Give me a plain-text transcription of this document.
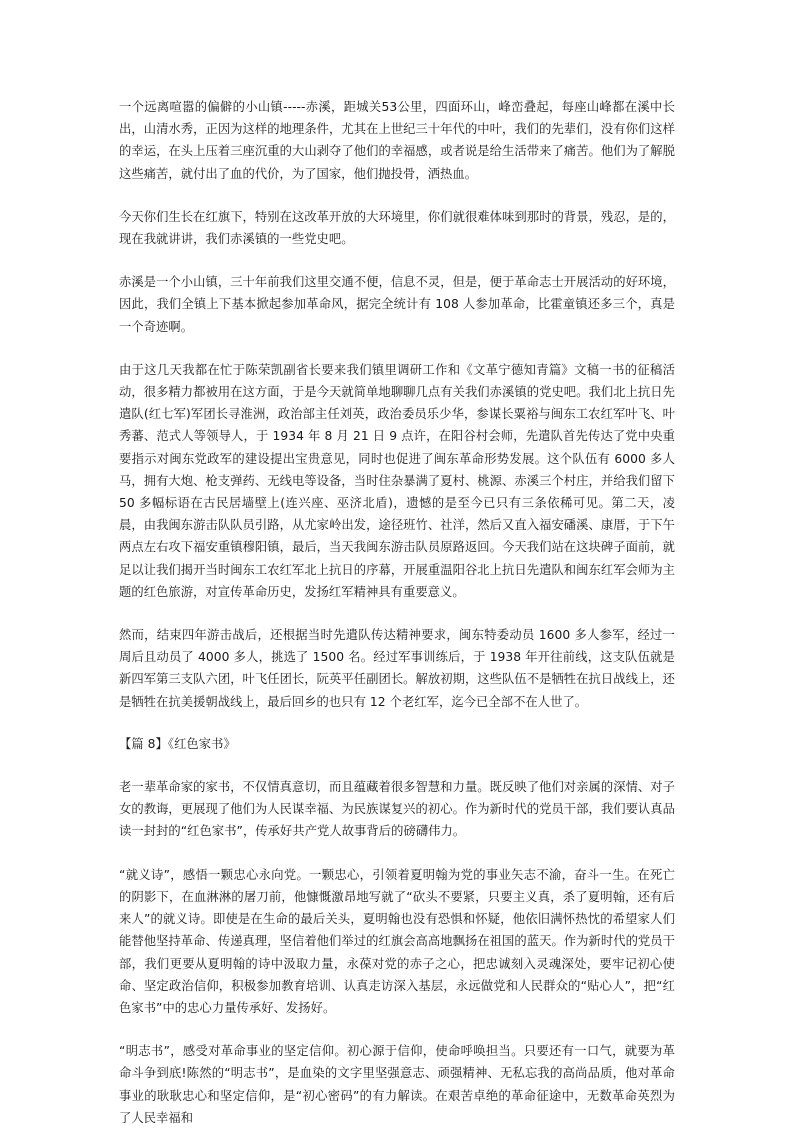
一个远离喧嚣的偏僻的小山镇-----赤溪，距城关53公里，四面环山，峰峦叠起，每座山峰都在溪中长出，山清水秀，正因为这样的地理条件，尤其在上世纪三十年代的中叶，我们的先辈们，没有你们这样的幸运，在头上压着三座沉重的大山剥夺了他们的幸福感，或者说是给生活带来了痛苦。他们为了解脱这些痛苦，就付出了血的代价，为了国家，他们抛投骨，洒热血。

今天你们生长在红旗下，特别在这改革开放的大环境里，你们就很难体味到那时的背景，残忍，是的，现在我就讲讲，我们赤溪镇的一些党史吧。

赤溪是一个小山镇，三十年前我们这里交通不便，信息不灵，但是，便于革命志士开展活动的好环境，因此，我们全镇上下基本掀起参加革命风，据完全统计有 108 人参加革命，比霍童镇还多三个，真是一个奇迹啊。

由于这几天我都在忙于陈荣凯副省长要来我们镇里调研工作和《文革宁德知青篇》文稿一书的征稿活动，很多精力都被用在这方面，于是今天就简单地聊聊几点有关我们赤溪镇的党史吧。我们北上抗日先遣队(红七军)军团长寻淮洲，政治部主任刘英，政治委员乐少华，参谋长粟裕与闽东工农红军叶飞、叶秀蕃、范式人等领导人，于 1934 年 8 月 21 日 9 点许，在阳谷村会师，先遣队首先传达了党中央重要指示对闽东党政军的建设提出宝贵意见，同时也促进了闽东革命形势发展。这个队伍有 6000 多人马，拥有大炮、枪支弹药、无线电等设备，当时住杂暴满了夏村、桃源、赤溪三个村庄，并给我们留下 50 多幅标语在古民居墙壁上(连兴座、巫济北盾)，遗憾的是至今已只有三条依稀可见。第二天，凌晨，由我闽东游击队队员引路，从尤家岭出发，途径班竹、社洋，然后又直入福安磻溪、康厝，于下午两点左右攻下福安重镇穆阳镇，最后，当天我闽东游击队员原路返回。今天我们站在这块碑子面前，就足以让我们揭开当时闽东工农红军北上抗日的序幕，开展重温阳谷北上抗日先遣队和闽东红军会师为主题的红色旅游，对宣传革命历史，发扬红军精神具有重要意义。

然而，结束四年游击战后，还根据当时先遣队传达精神要求，闽东特委动员 1600 多人参军，经过一周后且动员了 4000 多人，挑选了 1500 名。经过军事训练后，于 1938 年开往前线，这支队伍就是新四军第三支队六团，叶飞任团长，阮英平任副团长。解放初期，这些队伍不是牺牲在抗日战线上，还是牺牲在抗美援朝战线上，最后回乡的也只有 12 个老红军，迄今已全部不在人世了。

【篇 8】《红色家书》

老一辈革命家的家书，不仅情真意切，而且蕴藏着很多智慧和力量。既反映了他们对亲属的深情、对子女的教诲，更展现了他们为人民谋幸福、为民族谋复兴的初心。作为新时代的党员干部，我们要认真品读一封封的“红色家书”，传承好共产党人故事背后的磅礴伟力。

“就义诗”，感悟一颗忠心永向党。一颗忠心，引领着夏明翰为党的事业矢志不渝，奋斗一生。在死亡的阴影下，在血淋淋的屠刀前，他慷慨激昂地写就了“砍头不要紧，只要主义真，杀了夏明翰，还有后来人”的就义诗。即使是在生命的最后关头，夏明翰也没有恐惧和怀疑，他依旧满怀热忱的希望家人们能替他坚持革命、传递真理，坚信着他们举过的红旗会高高地飘扬在祖国的蓝天。作为新时代的党员干部，我们更要从夏明翰的诗中汲取力量，永葆对党的赤子之心，把忠诚刻入灵魂深处，要牢记初心使命、坚定政治信仰，积极参加教育培训、认真走访深入基层，永远做党和人民群众的“贴心人”，把“红色家书”中的忠心力量传承好、发扬好。

“明志书”，感受对革命事业的坚定信仰。初心源于信仰，使命呼唤担当。只要还有一口气，就要为革命斗争到底!陈然的“明志书”，是血染的文字里坚强意志、顽强精神、无私忘我的高尚品质，他对革命事业的耿耿忠心和坚定信仰，是“初心密码”的有力解读。在艰苦卓绝的革命征途中，无数革命英烈为了人民幸福和
